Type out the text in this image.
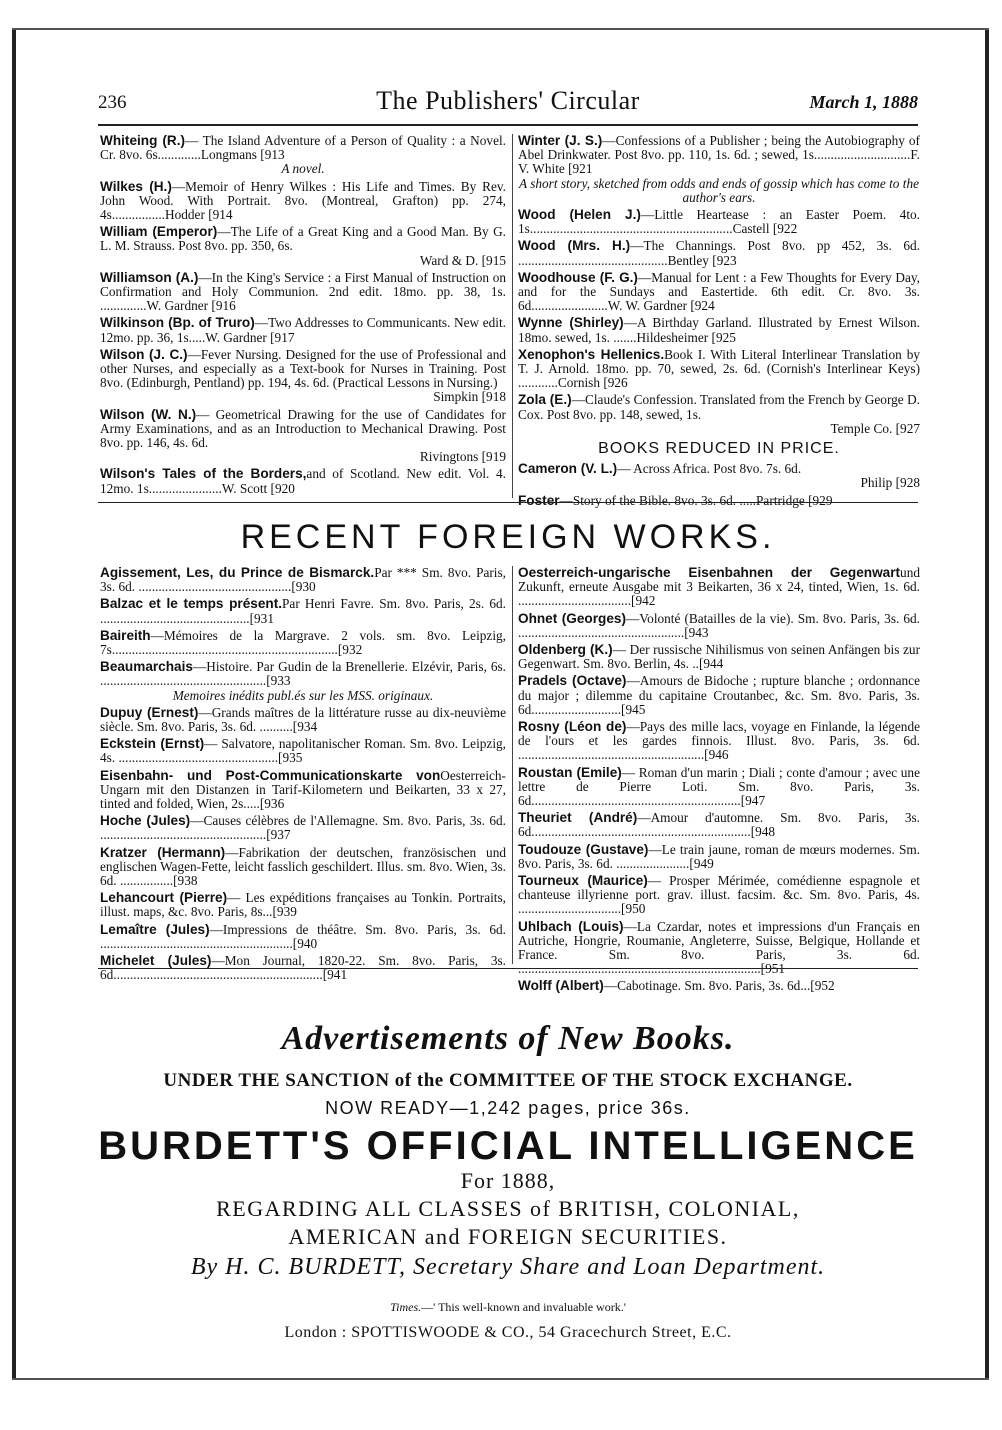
236	The Publishers' Circular	March 1, 1888
Whiteing (R.)— The Island Adventure of a Person of Quality : a Novel. Cr. 8vo. 6s.............Longmans [913
A novel.
Wilkes (H.)—Memoir of Henry Wilkes : His Life and Times. By Rev. John Wood. With Portrait. 8vo. (Montreal, Grafton) pp. 274, 4s................Hodder [914
William (Emperor)—The Life of a Great King and a Good Man. By G. L. M. Strauss. Post 8vo. pp. 350, 6s.
Ward & D. [915
Williamson (A.)—In the King's Service : a First Manual of Instruction on Confirmation and Holy Communion. 2nd edit. 18mo. pp. 38, 1s. ..............W. Gardner [916
Wilkinson (Bp. of Truro)—Two Addresses to Communicants. New edit. 12mo. pp. 36, 1s.....W. Gardner [917
Wilson (J. C.)—Fever Nursing. Designed for the use of Professional and other Nurses, and especially as a Text-book for Nurses in Training. Post 8vo. (Edinburgh, Pentland) pp. 194, 4s. 6d. (Practical Lessons in Nursing.)
Simpkin [918
Wilson (W. N.)— Geometrical Drawing for the use of Candidates for Army Examinations, and as an Introduction to Mechanical Drawing. Post 8vo. pp. 146, 4s. 6d.
Rivingtons [919
Wilson's Tales of the Borders,and of Scotland. New edit. Vol. 4. 12mo. 1s......................W. Scott [920
Winter (J. S.)—Confessions of a Publisher ; being the Autobiography of Abel Drinkwater. Post 8vo. pp. 110, 1s. 6d. ; sewed, 1s.............................F. V. White [921
A short story, sketched from odds and ends of gossip which has come to the author's ears.
Wood (Helen J.)—Little Heartease : an Easter Poem. 4to. 1s.............................................................Castell [922
Wood (Mrs. H.)—The Channings. Post 8vo. pp 452, 3s. 6d. .............................................Bentley [923
Woodhouse (F. G.)—Manual for Lent : a Few Thoughts for Every Day, and for the Sundays and Eastertide. 6th edit. Cr. 8vo. 3s. 6d.......................W. W. Gardner [924
Wynne (Shirley)—A Birthday Garland. Illustrated by Ernest Wilson. 18mo. sewed, 1s. .......Hildesheimer [925
Xenophon's Hellenics.Book I. With Literal Interlinear Translation by T. J. Arnold. 18mo. pp. 70, sewed, 2s. 6d. (Cornish's Interlinear Keys) ............Cornish [926
Zola (E.)—Claude's Confession. Translated from the French by George D. Cox. Post 8vo. pp. 148, sewed, 1s.
Temple Co. [927
BOOKS REDUCED IN PRICE.
Cameron (V. L.)— Across Africa. Post 8vo. 7s. 6d.
Philip [928
Foster—Story of the Bible. 8vo. 3s. 6d. .....Partridge [929
RECENT FOREIGN WORKS.
Agissement, Les, du Prince de Bismarck.Par *** Sm. 8vo. Paris, 3s. 6d. ..............................................[930
Balzac et le temps présent.Par Henri Favre. Sm. 8vo. Paris, 2s. 6d. .............................................[931
Baireith—Mémoires de la Margrave. 2 vols. sm. 8vo. Leipzig, 7s....................................................................[932
Beaumarchais—Histoire. Par Gudin de la Brenellerie. Elzévir, Paris, 6s. ..................................................[933
Memoires inédits publ.és sur les MSS. originaux.
Dupuy (Ernest)—Grands maîtres de la littérature russe au dix-neuvième siècle. Sm. 8vo. Paris, 3s. 6d. ..........[934
Eckstein (Ernst)— Salvatore, napolitanischer Roman. Sm. 8vo. Leipzig, 4s. ................................................[935
Eisenbahn- und Post-Communicationskarte vonOesterreich-Ungarn mit den Distanzen in Tarif-Kilometern und Beikarten, 33 x 27, tinted and folded, Wien, 2s.....[936
Hoche (Jules)—Causes célèbres de l'Allemagne. Sm. 8vo. Paris, 3s. 6d. ..................................................[937
Kratzer (Hermann)—Fabrikation der deutschen, französischen und englischen Wagen-Fette, leicht fasslich geschildert. Illus. sm. 8vo. Wien, 3s. 6d. ................[938
Lehancourt (Pierre)— Les expéditions françaises au Tonkin. Portraits, illust. maps, &c. 8vo. Paris, 8s...[939
Lemaître (Jules)—Impressions de théâtre. Sm. 8vo. Paris, 3s. 6d. ..........................................................[940
Michelet (Jules)—Mon Journal, 1820-22. Sm. 8vo. Paris, 3s. 6d...............................................................[941
Oesterreich-ungarische Eisenbahnen der Gegenwartund Zukunft, erneute Ausgabe mit 3 Beikarten, 36 x 24, tinted, Wien, 1s. 6d. ..................................[942
Ohnet (Georges)—Volonté (Batailles de la vie). Sm. 8vo. Paris, 3s. 6d. ..................................................[943
Oldenberg (K.)— Der russische Nihilismus von seinen Anfängen bis zur Gegenwart. Sm. 8vo. Berlin, 4s. ..[944
Pradels (Octave)—Amours de Bidoche ; rupture blanche ; ordonnance du major ; dilemme du capitaine Croutanbec, &c. Sm. 8vo. Paris, 3s. 6d...........................[945
Rosny (Léon de)—Pays des mille lacs, voyage en Finlande, la légende de l'ours et les gardes finnois. Illust. 8vo. Paris, 3s. 6d. ........................................................[946
Roustan (Emile)— Roman d'un marin ; Diali ; conte d'amour ; avec une lettre de Pierre Loti. Sm. 8vo. Paris, 3s. 6d...............................................................[947
Theuriet (André)—Amour d'automne. Sm. 8vo. Paris, 3s. 6d..................................................................[948
Toudouze (Gustave)—Le train jaune, roman de mœurs modernes. Sm. 8vo. Paris, 3s. 6d. ......................[949
Tourneux (Maurice)— Prosper Mérimée, comédienne espagnole et chanteuse illyrienne port. grav. illust. facsim. &c. Sm. 8vo. Paris, 4s. ...............................[950
Uhlbach (Louis)—La Czardar, notes et impressions d'un Français en Autriche, Hongrie, Roumanie, Angleterre, Suisse, Belgique, Hollande et France. Sm. 8vo. Paris, 3s. 6d. .........................................................................[951
Wolff (Albert)—Cabotinage. Sm. 8vo. Paris, 3s. 6d...[952
Advertisements of New Books.
UNDER THE SANCTION of the COMMITTEE OF THE STOCK EXCHANGE.
NOW READY—1,242 pages, price 36s.
BURDETT'S OFFICIAL INTELLIGENCE
For 1888,
REGARDING ALL CLASSES of BRITISH, COLONIAL,
AMERICAN and FOREIGN SECURITIES.
By H. C. BURDETT, Secretary Share and Loan Department.
Times.—' This well-known and invaluable work.'
London : SPOTTISWOODE & CO., 54 Gracechurch Street, E.C.
